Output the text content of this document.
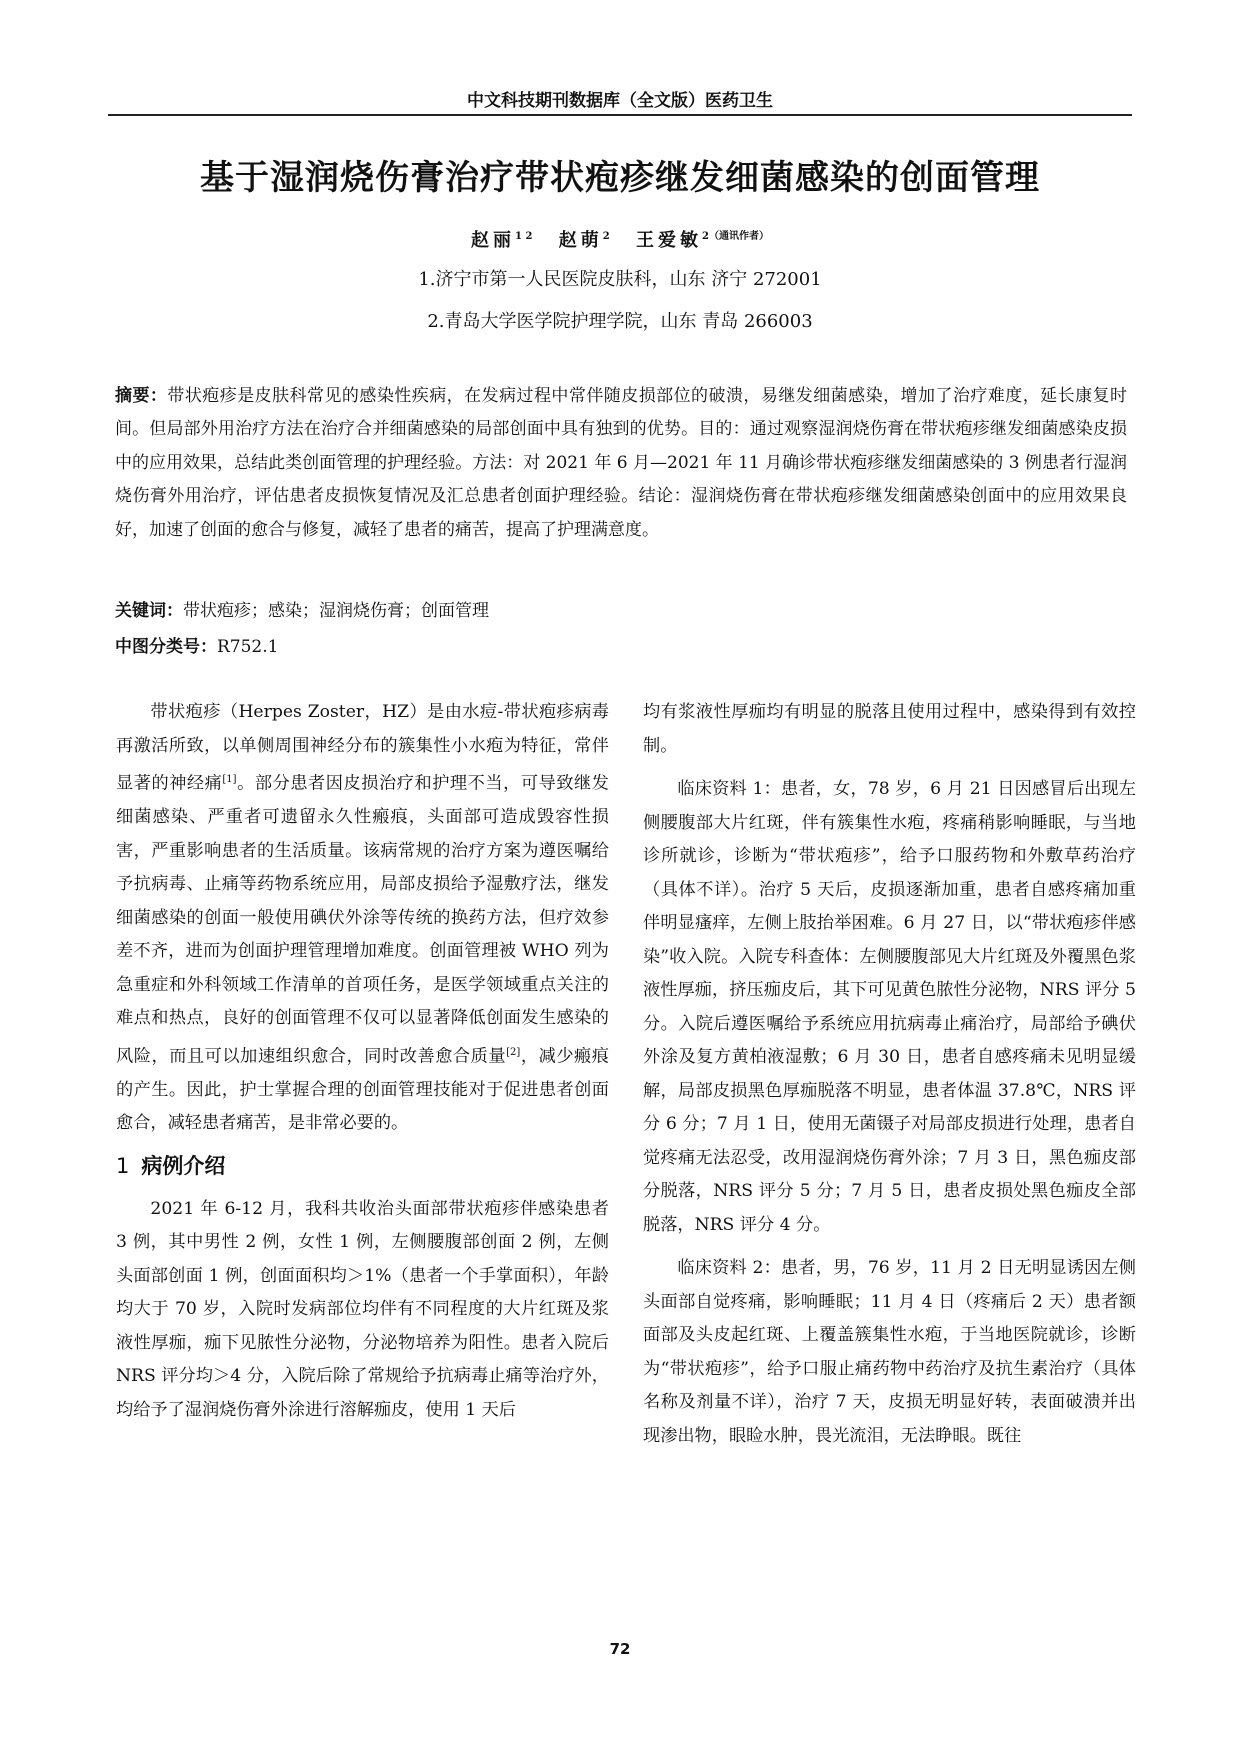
中文科技期刊数据库（全文版）医药卫生
基于湿润烧伤膏治疗带状疱疹继发细菌感染的创面管理
赵丽$^{1 2}$ 赵萌$^2$ 王爱敏$^{2(通讯作者)}$
1.济宁市第一人民医院皮肤科，山东 济宁 272001
2.青岛大学医学院护理学院，山东 青岛 266003
摘要：带状疱疹是皮肤科常见的感染性疾病，在发病过程中常伴随皮损部位的破溃，易继发细菌感染，增加了治疗难度，延长康复时间。但局部外用治疗方法在治疗合并细菌感染的局部创面中具有独到的优势。目的：通过观察湿润烧伤膏在带状疱疹继发细菌感染皮损中的应用效果，总结此类创面管理的护理经验。方法：对 2021 年 6 月—2021 年 11 月确诊带状疱疹继发细菌感染的 3 例患者行湿润烧伤膏外用治疗，评估患者皮损恢复情况及汇总患者创面护理经验。结论：湿润烧伤膏在带状疱疹继发细菌感染创面中的应用效果良好，加速了创面的愈合与修复，减轻了患者的痛苦，提高了护理满意度。
关键词：带状疱疹；感染；湿润烧伤膏；创面管理
中图分类号：R752.1

带状疱疹（Herpes Zoster，HZ）是由水痘-带状疱疹病毒再激活所致，以单侧周围神经分布的簇集性小水疱为特征，常伴显著的神经痛[1]。部分患者因皮损治疗和护理不当，可导致继发细菌感染、严重者可遗留永久性瘢痕，头面部可造成毁容性损害，严重影响患者的生活质量。该病常规的治疗方案为遵医嘱给予抗病毒、止痛等药物系统应用，局部皮损给予湿敷疗法，继发细菌感染的创面一般使用碘伏外涂等传统的换药方法，但疗效参差不齐，进而为创面护理管理增加难度。创面管理被 WHO 列为急重症和外科领域工作清单的首项任务，是医学领域重点关注的难点和热点，良好的创面管理不仅可以显著降低创面发生感染的风险，而且可以加速组织愈合，同时改善愈合质量[2]，减少瘢痕的产生。因此，护士掌握合理的创面管理技能对于促进患者创面愈合，减轻患者痛苦，是非常必要的。

1 病例介绍

2021 年 6-12 月，我科共收治头面部带状疱疹伴感染患者 3 例，其中男性 2 例，女性 1 例，左侧腰腹部创面 2 例，左侧头面部创面 1 例，创面面积均＞1%（患者一个手掌面积），年龄均大于 70 岁，入院时发病部位均伴有不同程度的大片红斑及浆液性厚痂，痂下见脓性分泌物，分泌物培养为阳性。患者入院后 NRS 评分均＞4 分，入院后除了常规给予抗病毒止痛等治疗外，均给予了湿润烧伤膏外涂进行溶解痂皮，使用 1 天后

均有浆液性厚痂均有明显的脱落且使用过程中，感染得到有效控制。

临床资料 1：患者，女，78 岁，6 月 21 日因感冒后出现左侧腰腹部大片红斑，伴有簇集性水疱，疼痛稍影响睡眠，与当地诊所就诊，诊断为“带状疱疹”，给予口服药物和外敷草药治疗（具体不详）。治疗 5 天后，皮损逐渐加重，患者自感疼痛加重伴明显瘙痒，左侧上肢抬举困难。6 月 27 日，以“带状疱疹伴感染”收入院。入院专科查体：左侧腰腹部见大片红斑及外覆黑色浆液性厚痂，挤压痂皮后，其下可见黄色脓性分泌物，NRS 评分 5 分。入院后遵医嘱给予系统应用抗病毒止痛治疗，局部给予碘伏外涂及复方黄柏液湿敷；6 月 30 日，患者自感疼痛未见明显缓解，局部皮损黑色厚痂脱落不明显，患者体温 37.8℃，NRS 评分 6 分；7 月 1 日，使用无菌镊子对局部皮损进行处理，患者自觉疼痛无法忍受，改用湿润烧伤膏外涂；7 月 3 日，黑色痂皮部分脱落，NRS 评分 5 分；7 月 5 日，患者皮损处黑色痂皮全部脱落，NRS 评分 4 分。

临床资料 2：患者，男，76 岁，11 月 2 日无明显诱因左侧头面部自觉疼痛，影响睡眠；11 月 4 日（疼痛后 2 天）患者额面部及头皮起红斑、上覆盖簇集性水疱，于当地医院就诊，诊断为“带状疱疹”，给予口服止痛药物中药治疗及抗生素治疗（具体名称及剂量不详），治疗 7 天，皮损无明显好转，表面破溃并出现渗出物，眼睑水肿，畏光流泪，无法睁眼。既往

72
